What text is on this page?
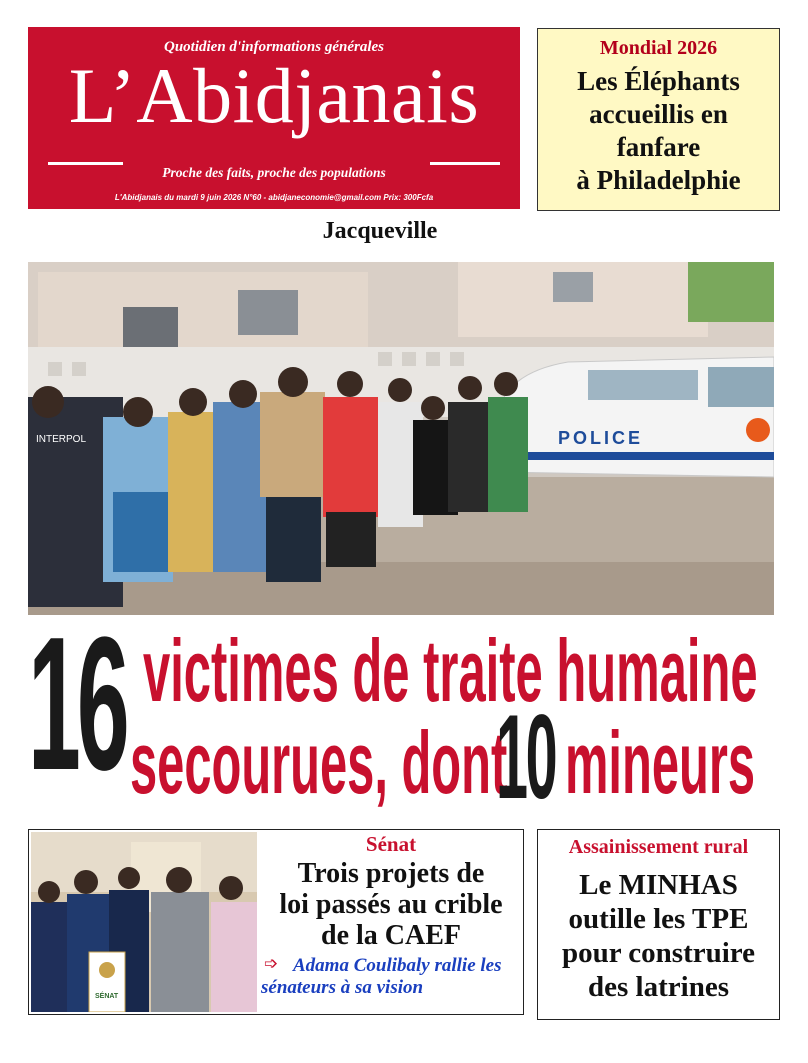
Quotidien d'informations générales
L’Abidjanais
Proche des faits, proche des populations
L'Abidjanais du mardi 9 juin 2026 N°60 - abidjaneconomie@gmail.com Prix: 300Fcfa
Mondial 2026
Les Éléphants
accueillis en
fanfare
à Philadelphie
Jacqueville
POLICE
INTERPOL
16 victimes de traite humaine
secourues, dont
10 mineurs
SÉNAT
Sénat
Trois projets de
loi passés au crible
de la CAEF
➩ Adama Coulibaly rallie les sénateurs à sa vision
Assainissement rural
Le MINHAS
outille les TPE
pour construire
des latrines
